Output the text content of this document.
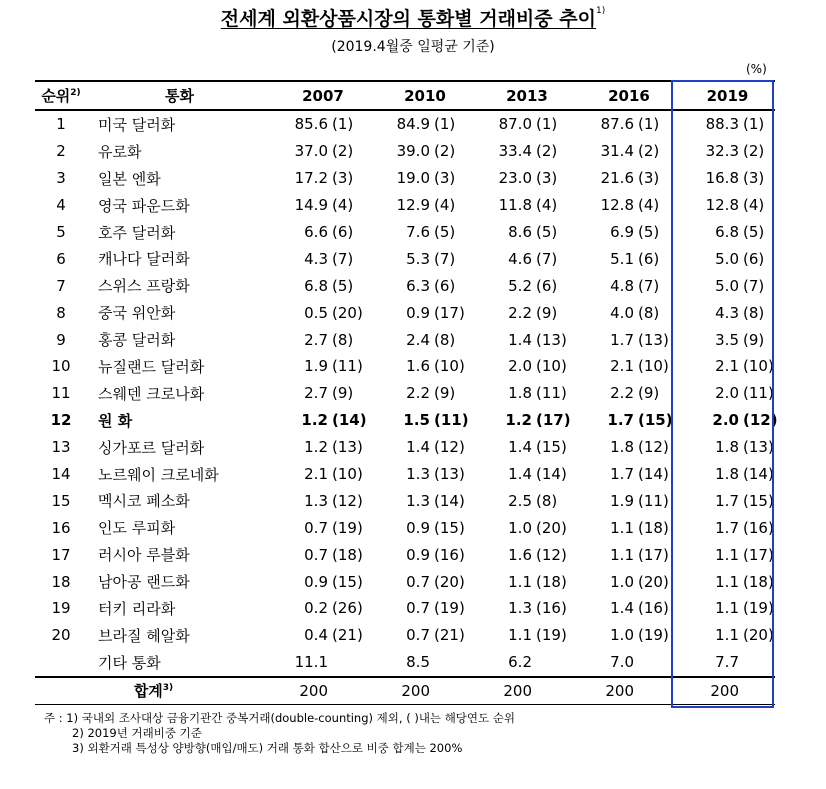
전세계 외환상품시장의 통화별 거래비중 추이$^{1)}$
(2019.4월중 일평균 기준)
(%)
순위$^{2)}$	통화	2007		2010		2013		2016		2019	
1	미국 달러화	85.6	(1)	84.9	(1)	87.0	(1)	87.6	(1)	88.3	(1)
2	유로화	37.0	(2)	39.0	(2)	33.4	(2)	31.4	(2)	32.3	(2)
3	일본 엔화	17.2	(3)	19.0	(3)	23.0	(3)	21.6	(3)	16.8	(3)
4	영국 파운드화	14.9	(4)	12.9	(4)	11.8	(4)	12.8	(4)	12.8	(4)
5	호주 달러화	6.6	(6)	7.6	(5)	8.6	(5)	6.9	(5)	6.8	(5)
6	캐나다 달러화	4.3	(7)	5.3	(7)	4.6	(7)	5.1	(6)	5.0	(6)
7	스위스 프랑화	6.8	(5)	6.3	(6)	5.2	(6)	4.8	(7)	5.0	(7)
8	중국 위안화	0.5	(20)	0.9	(17)	2.2	(9)	4.0	(8)	4.3	(8)
9	홍콩 달러화	2.7	(8)	2.4	(8)	1.4	(13)	1.7	(13)	3.5	(9)
10	뉴질랜드 달러화	1.9	(11)	1.6	(10)	2.0	(10)	2.1	(10)	2.1	(10)
11	스웨덴 크로나화	2.7	(9)	2.2	(9)	1.8	(11)	2.2	(9)	2.0	(11)
12	원 화	1.2	(14)	1.5	(11)	1.2	(17)	1.7	(15)	2.0	(12)
13	싱가포르 달러화	1.2	(13)	1.4	(12)	1.4	(15)	1.8	(12)	1.8	(13)
14	노르웨이 크로네화	2.1	(10)	1.3	(13)	1.4	(14)	1.7	(14)	1.8	(14)
15	멕시코 페소화	1.3	(12)	1.3	(14)	2.5	(8)	1.9	(11)	1.7	(15)
16	인도 루피화	0.7	(19)	0.9	(15)	1.0	(20)	1.1	(18)	1.7	(16)
17	러시아 루블화	0.7	(18)	0.9	(16)	1.6	(12)	1.1	(17)	1.1	(17)
18	남아공 랜드화	0.9	(15)	0.7	(20)	1.1	(18)	1.0	(20)	1.1	(18)
19	터키 리라화	0.2	(26)	0.7	(19)	1.3	(16)	1.4	(16)	1.1	(19)
20	브라질 헤알화	0.4	(21)	0.7	(21)	1.1	(19)	1.0	(19)	1.1	(20)
	기타 통화	11.1		8.5		6.2		7.0		7.7	
합계$^{3)}$		200		200		200		200		200	
주 : 1) 국내외 조사대상 금융기관간 중복거래(double-counting) 제외, ( )내는 해당연도 순위
2) 2019년 거래비중 기준
3) 외환거래 특성상 양방향(매입/매도) 거래 통화 합산으로 비중 합계는 200%
